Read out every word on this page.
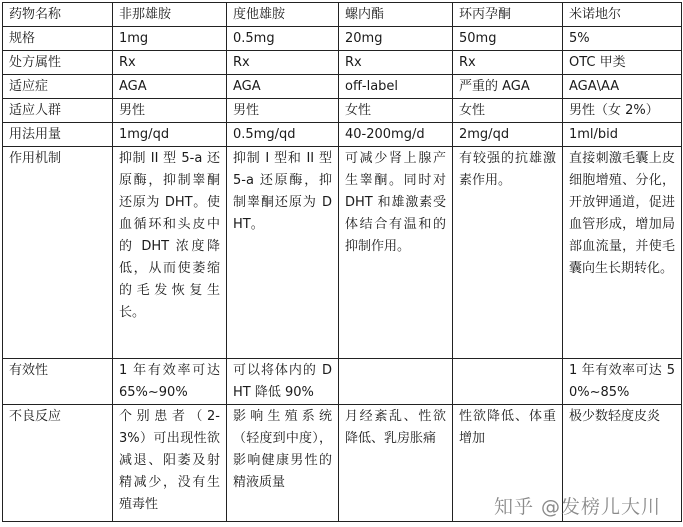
药物名称	非那雄胺	度他雄胺	螺内酯	环丙孕酮	米诺地尔
规格	1mg	0.5mg	20mg	50mg	5%
处方属性	Rx	Rx	Rx	Rx	OTC 甲类
适应症	AGA	AGA	off-label	严重的 AGA	AGA\AA
适应人群	男性	男性	女性	女性	男性（女 2%）
用法用量	1mg/qd	0.5mg/qd	40-200mg/d	2mg/qd	1ml/bid
作用机制	抑制 II 型 5-a 还原酶，抑制睾酮还原为 DHT。使血循环和头皮中的 DHT 浓度降低，从而使萎缩的毛发恢复生长。	抑制 I 型和 II 型 5-a 还原酶，抑制睾酮还原为 DHT。	可减少肾上腺产生睾酮。同时对 DHT 和雄激素受体结合有温和的抑制作用。	有较强的抗雄激素作用。	直接刺激毛囊上皮细胞增殖、分化，开放钾通道，促进血管形成，增加局部血流量，并使毛囊向生长期转化。
有效性	1 年有效率可达 65%~90%	可以将体内的 DHT 降低 90%			1 年有效率可达 50%~85%
不良反应	个别患者（2-3%）可出现性欲减退、阳萎及射精减少，没有生殖毒性	影响生殖系统（轻度到中度），影响健康男性的精液质量	月经紊乱、性欲降低、乳房胀痛	性欲降低、体重增加	极少数轻度皮炎
知乎 @发榜儿大川
